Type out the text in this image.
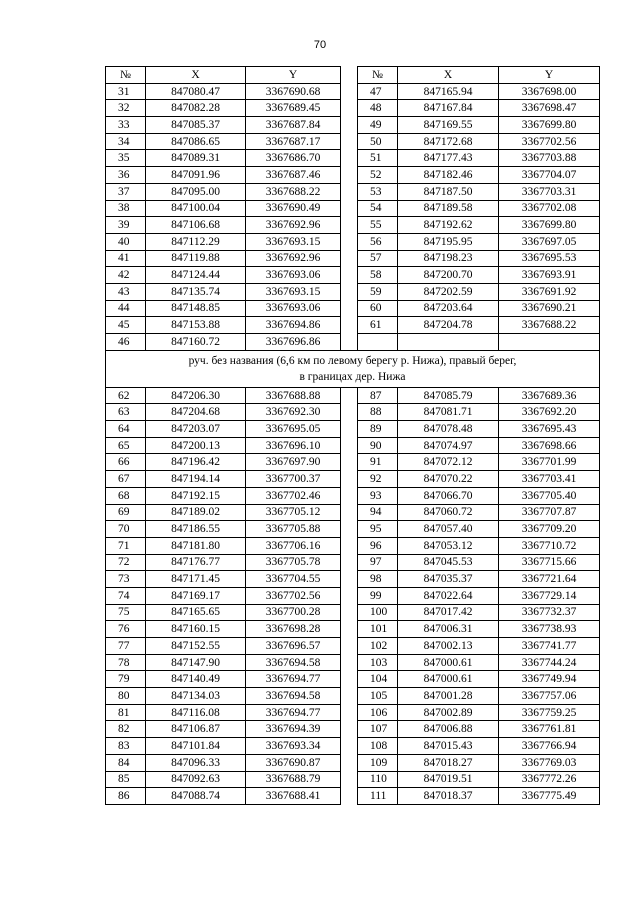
70
№	X	Y		№	X	Y
31	847080.47	3367690.68		47	847165.94	3367698.00
32	847082.28	3367689.45		48	847167.84	3367698.47
33	847085.37	3367687.84		49	847169.55	3367699.80
34	847086.65	3367687.17		50	847172.68	3367702.56
35	847089.31	3367686.70		51	847177.43	3367703.88
36	847091.96	3367687.46		52	847182.46	3367704.07
37	847095.00	3367688.22		53	847187.50	3367703.31
38	847100.04	3367690.49		54	847189.58	3367702.08
39	847106.68	3367692.96		55	847192.62	3367699.80
40	847112.29	3367693.15		56	847195.95	3367697.05
41	847119.88	3367692.96		57	847198.23	3367695.53
42	847124.44	3367693.06		58	847200.70	3367693.91
43	847135.74	3367693.15		59	847202.59	3367691.92
44	847148.85	3367693.06		60	847203.64	3367690.21
45	847153.88	3367694.86		61	847204.78	3367688.22
46	847160.72	3367696.86				
руч. без названия (6,6 км по левому берегу р. Нижа), правый берег,
в границах дер. Нижа						
62	847206.30	3367688.88		87	847085.79	3367689.36
63	847204.68	3367692.30		88	847081.71	3367692.20
64	847203.07	3367695.05		89	847078.48	3367695.43
65	847200.13	3367696.10		90	847074.97	3367698.66
66	847196.42	3367697.90		91	847072.12	3367701.99
67	847194.14	3367700.37		92	847070.22	3367703.41
68	847192.15	3367702.46		93	847066.70	3367705.40
69	847189.02	3367705.12		94	847060.72	3367707.87
70	847186.55	3367705.88		95	847057.40	3367709.20
71	847181.80	3367706.16		96	847053.12	3367710.72
72	847176.77	3367705.78		97	847045.53	3367715.66
73	847171.45	3367704.55		98	847035.37	3367721.64
74	847169.17	3367702.56		99	847022.64	3367729.14
75	847165.65	3367700.28		100	847017.42	3367732.37
76	847160.15	3367698.28		101	847006.31	3367738.93
77	847152.55	3367696.57		102	847002.13	3367741.77
78	847147.90	3367694.58		103	847000.61	3367744.24
79	847140.49	3367694.77		104	847000.61	3367749.94
80	847134.03	3367694.58		105	847001.28	3367757.06
81	847116.08	3367694.77		106	847002.89	3367759.25
82	847106.87	3367694.39		107	847006.88	3367761.81
83	847101.84	3367693.34		108	847015.43	3367766.94
84	847096.33	3367690.87		109	847018.27	3367769.03
85	847092.63	3367688.79		110	847019.51	3367772.26
86	847088.74	3367688.41		111	847018.37	3367775.49
